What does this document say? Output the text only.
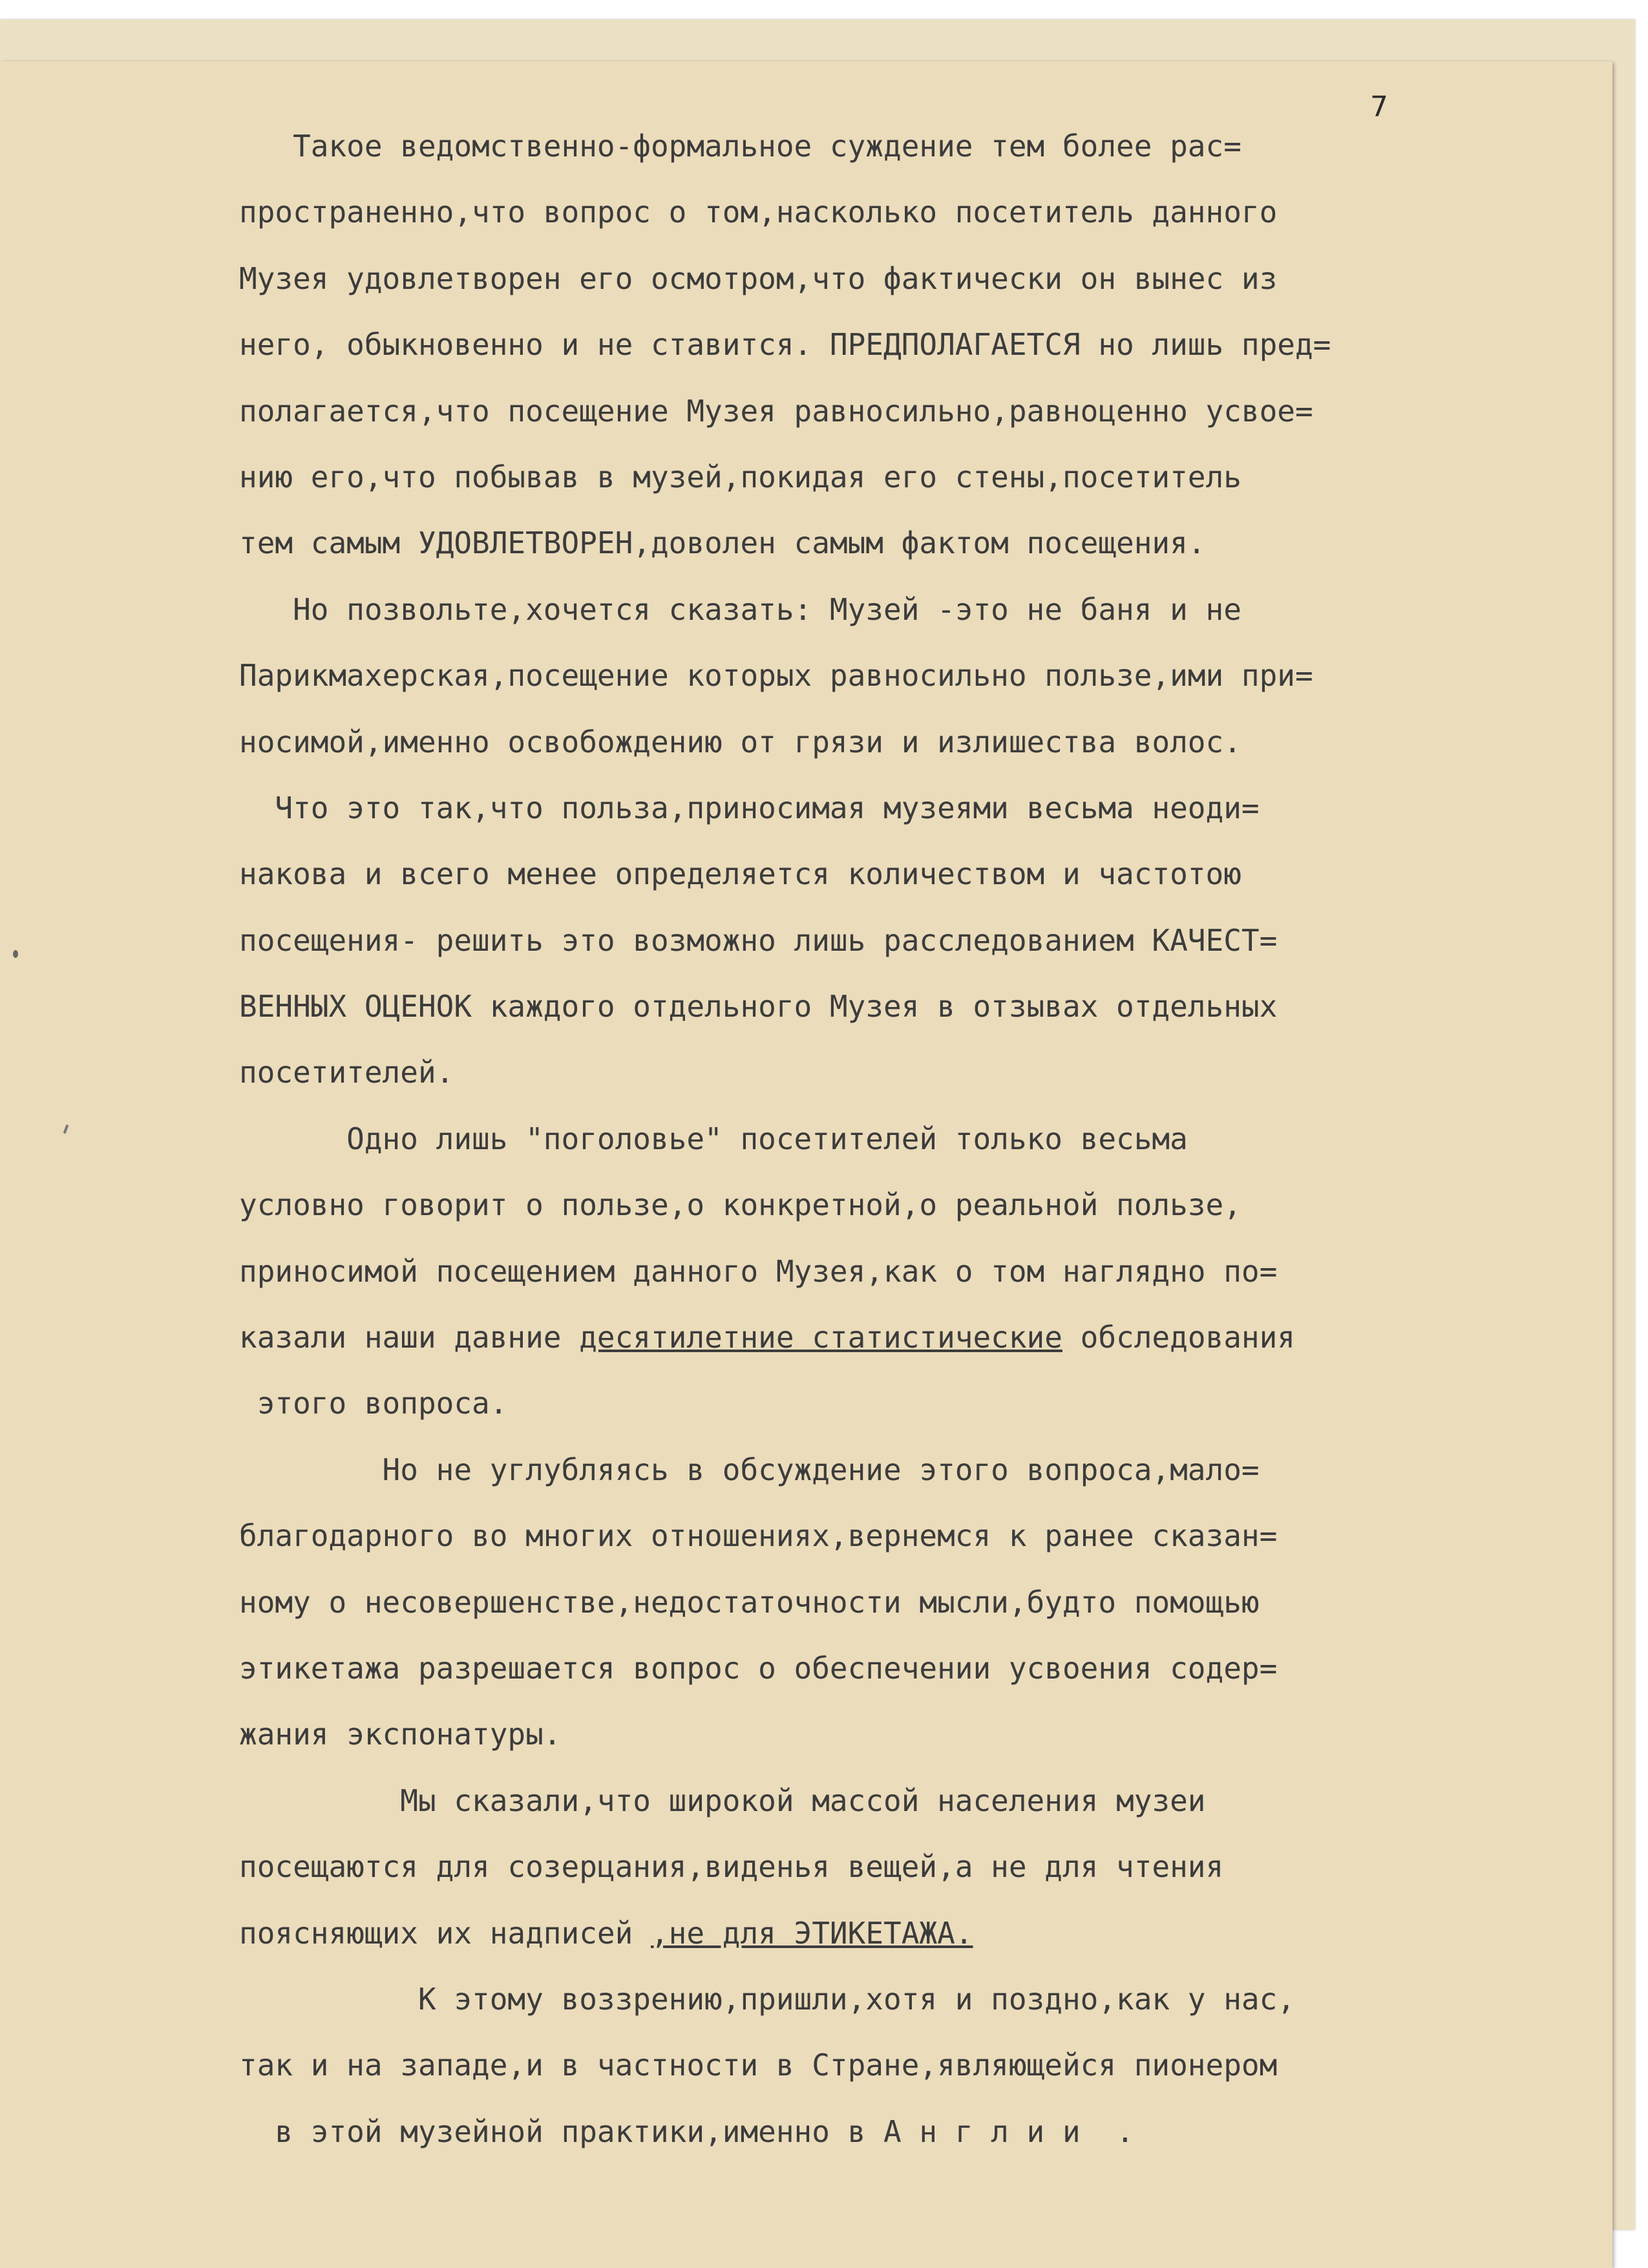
7
Такое ведомственно-формальное суждение тем более рас=
пространенно,что вопрос о том,насколько посетитель данного
Музея удовлетворен его осмотром,что фактически он вынес из
него, обыкновенно и не ставится. ПРЕДПОЛАГАЕТСЯ но лишь пред=
полагается,что посещение Музея равносильно,равноценно усвое=
нию его,что побывав в музей,покидая его стены,посетитель
тем самым УДОВЛЕТВОРЕН,доволен самым фактом посещения.
Но позвольте,хочется сказать: Музей -это не баня и не
Парикмахерская,посещение которых равносильно пользе,ими при=
носимой,именно освобождению от грязи и излишества волос.
Что это так,что польза,приносимая музеями весьма неоди=
накова и всего менее определяется количеством и частотою
посещения- решить это возможно лишь расследованием КАЧЕСТ=
ВЕННЫХ ОЦЕНОК каждого отдельного Музея в отзывах отдельных
посетителей.
Одно лишь "поголовье" посетителей только весьма
условно говорит о пользе,о конкретной,о реальной пользе,
приносимой посещением данного Музея,как о том наглядно по=
казали наши давние десятилетние статистические обследования
этого вопроса.
Но не углубляясь в обсуждение этого вопроса,мало=
благодарного во многих отношениях,вернемся к ранее сказан=
ному о несовершенстве,недостаточности мысли,будто помощью
этикетажа разрешается вопрос о обеспечении усвоения содер=
жания экспонатуры.
Мы сказали,что широкой массой населения музеи
посещаются для созерцания,виденья вещей,а не для чтения
поясняющих их надписей ,не для ЭТИКЕТАЖА.
К этому воззрению,пришли,хотя и поздно,как у нас,
так и на западе,и в частности в Стране,являющейся пионером
в этой музейной практики,именно в А н г л и и  .
